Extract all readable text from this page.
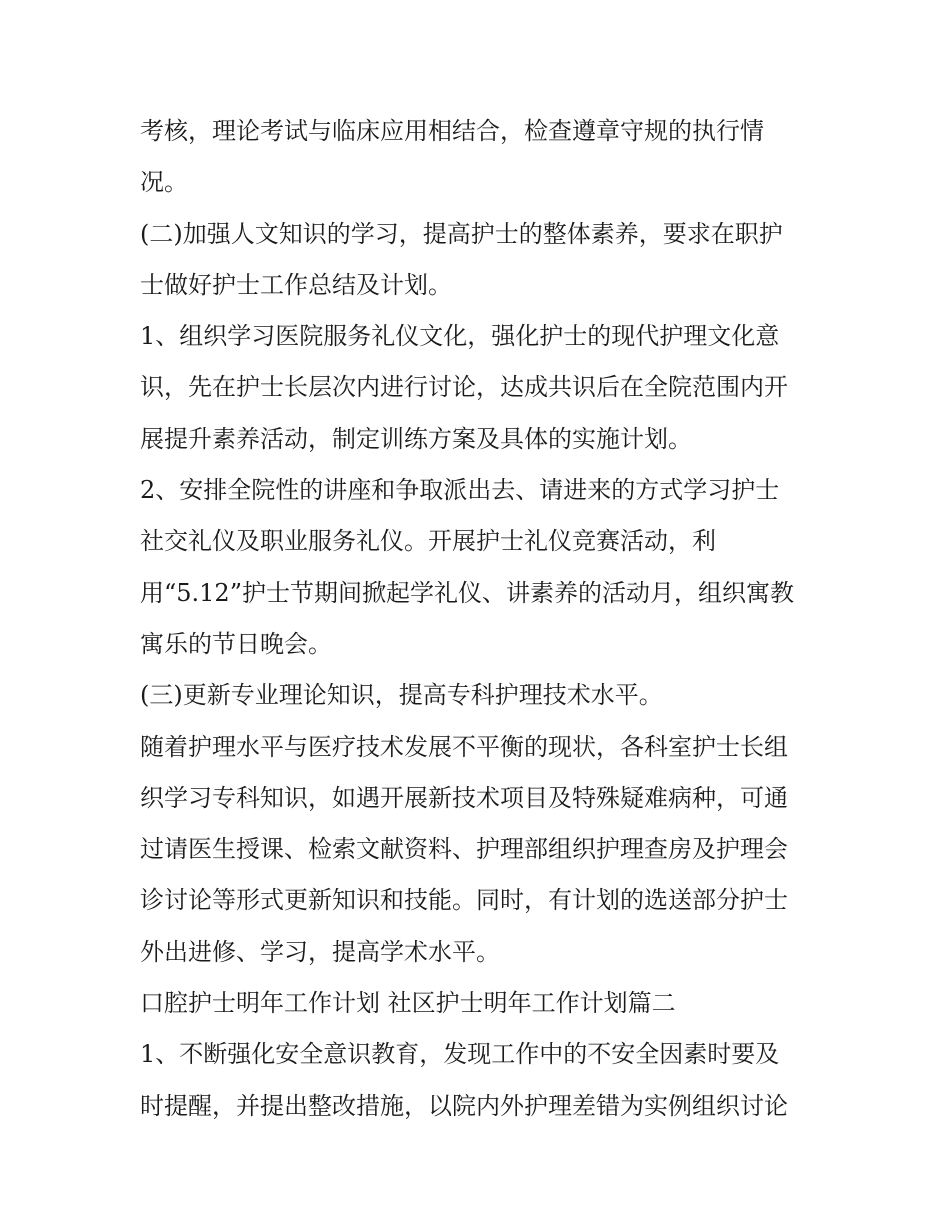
考核，理论考试与临床应用相结合，检查遵章守规的执行情
况。
(二)加强人文知识的学习，提高护士的整体素养，要求在职护
士做好护士工作总结及计划。
1、组织学习医院服务礼仪文化，强化护士的现代护理文化意
识，先在护士长层次内进行讨论，达成共识后在全院范围内开
展提升素养活动，制定训练方案及具体的实施计划。
2、安排全院性的讲座和争取派出去、请进来的方式学习护士
社交礼仪及职业服务礼仪。开展护士礼仪竞赛活动，利
用“5.12”护士节期间掀起学礼仪、讲素养的活动月，组织寓教
寓乐的节日晚会。
(三)更新专业理论知识，提高专科护理技术水平。
随着护理水平与医疗技术发展不平衡的现状，各科室护士长组
织学习专科知识，如遇开展新技术项目及特殊疑难病种，可通
过请医生授课、检索文献资料、护理部组织护理查房及护理会
诊讨论等形式更新知识和技能。同时，有计划的选送部分护士
外出进修、学习，提高学术水平。
口腔护士明年工作计划 社区护士明年工作计划篇二
1、不断强化安全意识教育，发现工作中的不安全因素时要及
时提醒，并提出整改措施，以院内外护理差错为实例组织讨论
